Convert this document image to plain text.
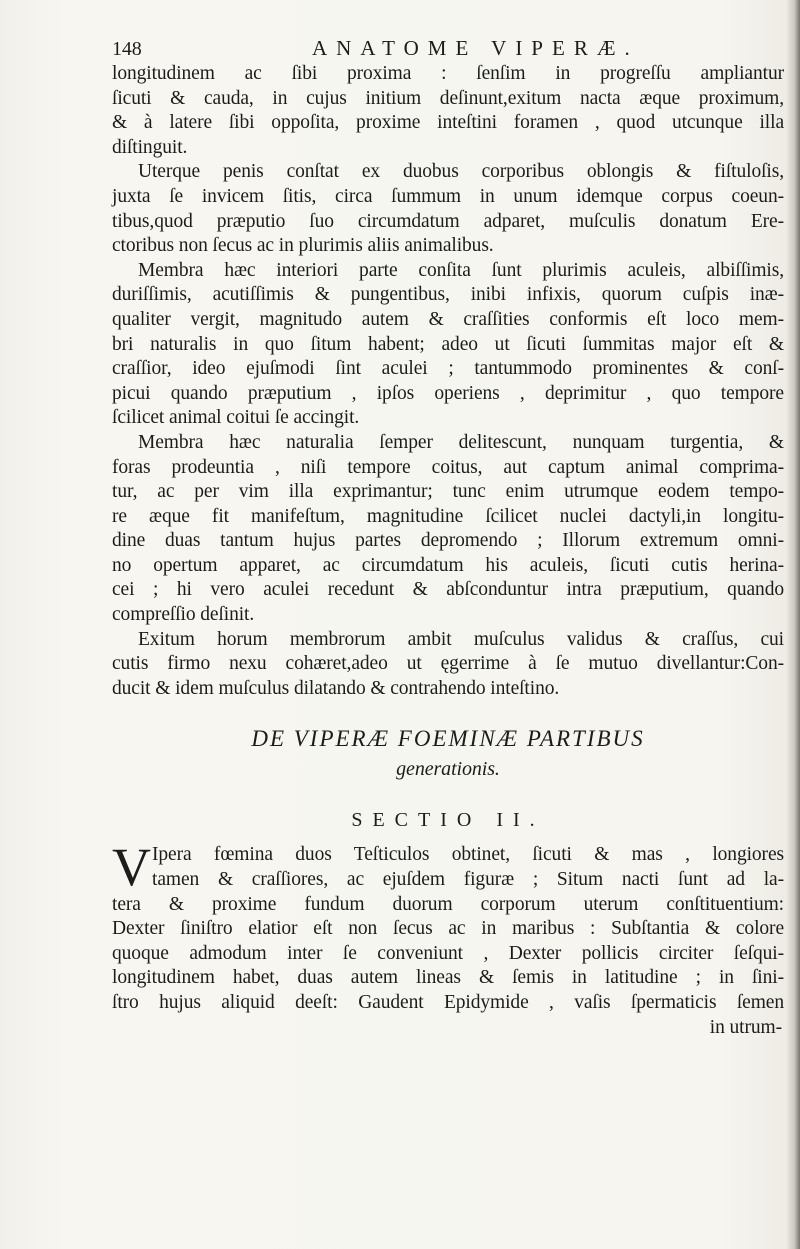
148	ANATOME VIPERÆ.
longitudinem ac ſibi proxima : ſenſim in progreſſu ampliantur
ſicuti & cauda, in cujus initium deſinunt,exitum nacta æque proximum,
& à latere ſibi oppoſita, proxime inteſtini foramen , quod utcunque illa
diſtinguit.
Uterque penis conſtat ex duobus corporibus oblongis & fiſtuloſis,
juxta ſe invicem ſitis, circa ſummum in unum idemque corpus coeun-
tibus,quod præputio ſuo circumdatum adparet, muſculis donatum Ere-
ctoribus non ſecus ac in plurimis aliis animalibus.
Membra hæc interiori parte conſita ſunt plurimis aculeis, albiſſimis,
duriſſimis, acutiſſimis & pungentibus, inibi infixis, quorum cuſpis inæ-
qualiter vergit, magnitudo autem & craſſities conformis eſt loco mem-
bri naturalis in quo ſitum habent; adeo ut ſicuti ſummitas major eſt &
craſſior, ideo ejuſmodi ſint aculei ; tantummodo prominentes & conſ-
picui quando præputium , ipſos operiens , deprimitur , quo tempore
ſcilicet animal coitui ſe accingit.
Membra hæc naturalia ſemper delitescunt, nunquam turgentia, &
foras prodeuntia , niſi tempore coitus, aut captum animal comprima-
tur, ac per vim illa exprimantur; tunc enim utrumque eodem tempo-
re æque fit manifeſtum, magnitudine ſcilicet nuclei dactyli,in longitu-
dine duas tantum hujus partes depromendo ; Illorum extremum omni-
no opertum apparet, ac circumdatum his aculeis, ſicuti cutis herina-
cei ; hi vero aculei recedunt & abſconduntur intra præputium, quando
compreſſio deſinit.
Exitum horum membrorum ambit muſculus validus & craſſus, cui
cutis firmo nexu cohæret,adeo ut ęgerrime à ſe mutuo divellantur:Con-
ducit & idem muſculus dilatando & contrahendo inteſtino.
DE VIPERÆ FOEMINÆ PARTIBUS
generationis.
SECTIO II.
V Ipera fœmina duos Teſticulos obtinet, ſicuti & mas , longiores
tamen & craſſiores, ac ejuſdem figuræ ; Situm nacti ſunt ad la-
tera & proxime fundum duorum corporum uterum conſtituentium:
Dexter ſiniſtro elatior eſt non ſecus ac in maribus : Subſtantia & colore
quoque admodum inter ſe conveniunt , Dexter pollicis circiter ſeſqui-
longitudinem habet, duas autem lineas & ſemis in latitudine ; in ſini-
ſtro hujus aliquid deeſt: Gaudent Epidymide , vaſis ſpermaticis ſemen
in utrum-
